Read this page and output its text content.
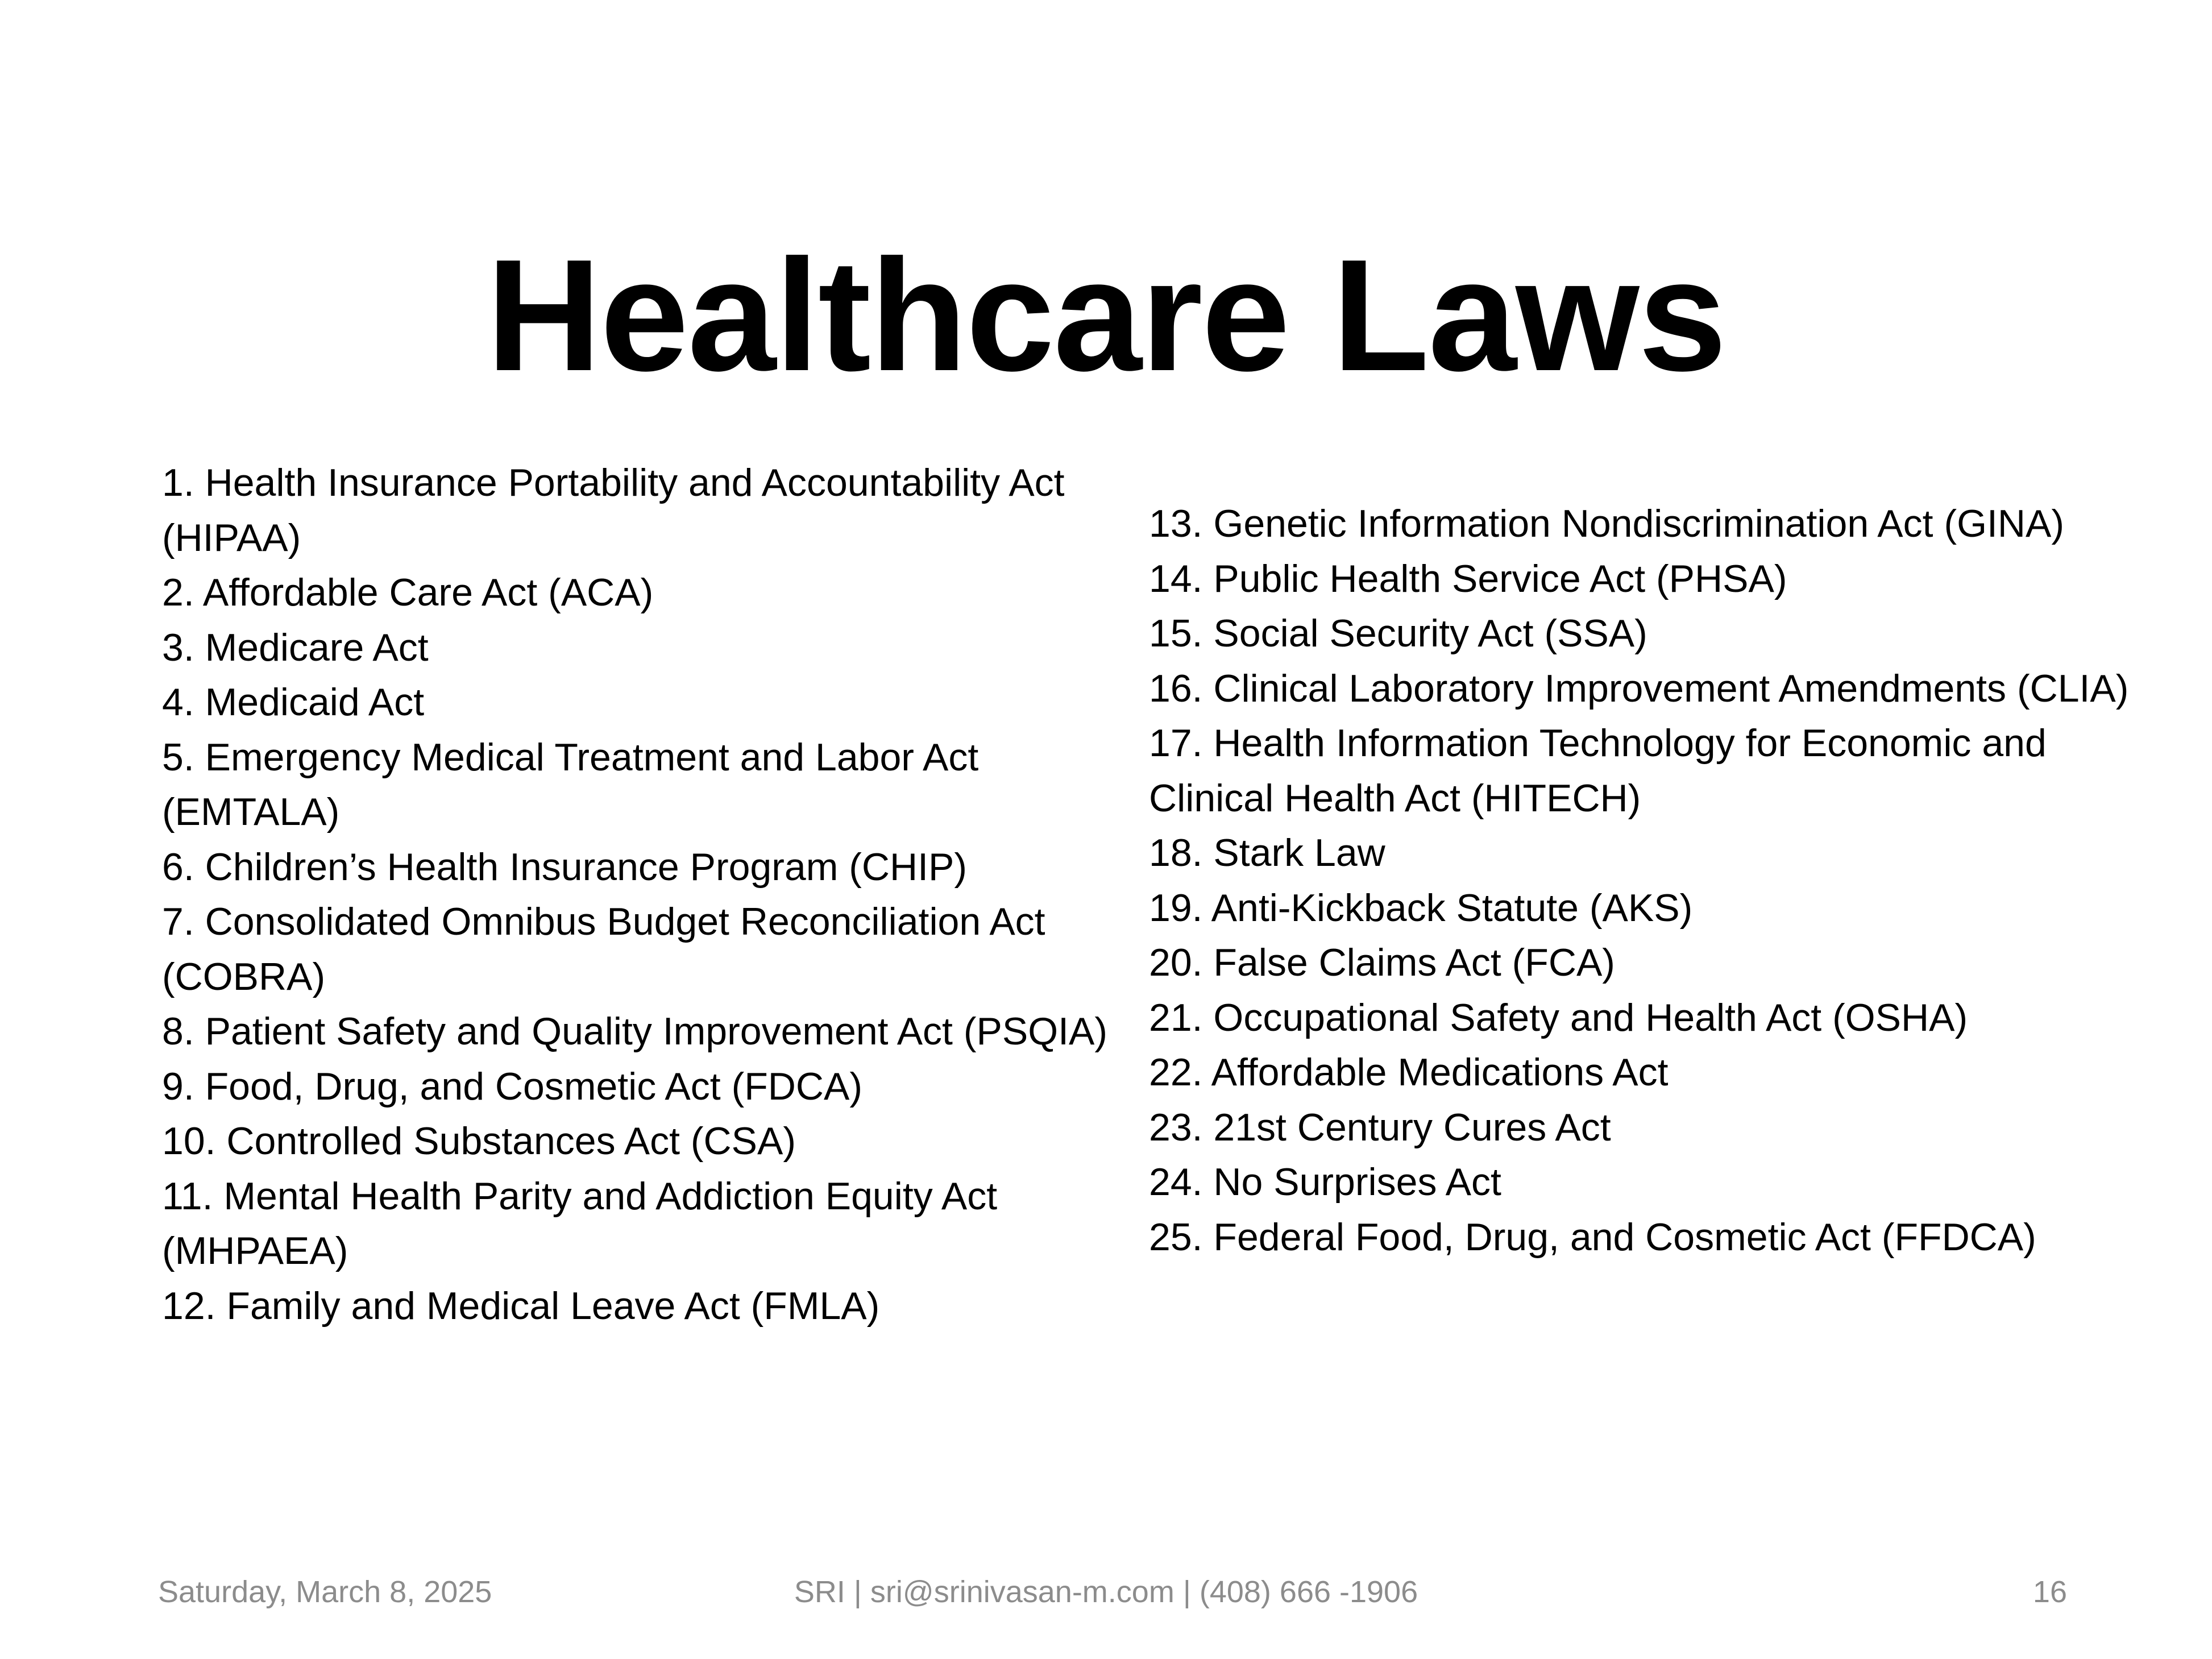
Healthcare Laws
1. Health Insurance Portability and Accountability Act (HIPAA)
2. Affordable Care Act (ACA)
3. Medicare Act
4. Medicaid Act
5. Emergency Medical Treatment and Labor Act (EMTALA)
6. Children’s Health Insurance Program (CHIP)
7. Consolidated Omnibus Budget Reconciliation Act (COBRA)
8. Patient Safety and Quality Improvement Act (PSQIA)
9. Food, Drug, and Cosmetic Act (FDCA)
10. Controlled Substances Act (CSA)
11. Mental Health Parity and Addiction Equity Act (MHPAEA)
12. Family and Medical Leave Act (FMLA)
13. Genetic Information Nondiscrimination Act (GINA)
14. Public Health Service Act (PHSA)
15. Social Security Act (SSA)
16. Clinical Laboratory Improvement Amendments (CLIA)
17. Health Information Technology for Economic and Clinical Health Act (HITECH)
18. Stark Law
19. Anti-Kickback Statute (AKS)
20. False Claims Act (FCA)
21. Occupational Safety and Health Act (OSHA)
22. Affordable Medications Act
23. 21st Century Cures Act
24. No Surprises Act
25. Federal Food, Drug, and Cosmetic Act (FFDCA)
SRI | sri@srinivasan-m.com | (408) 666 -1906
Saturday, March 8, 2025	16
